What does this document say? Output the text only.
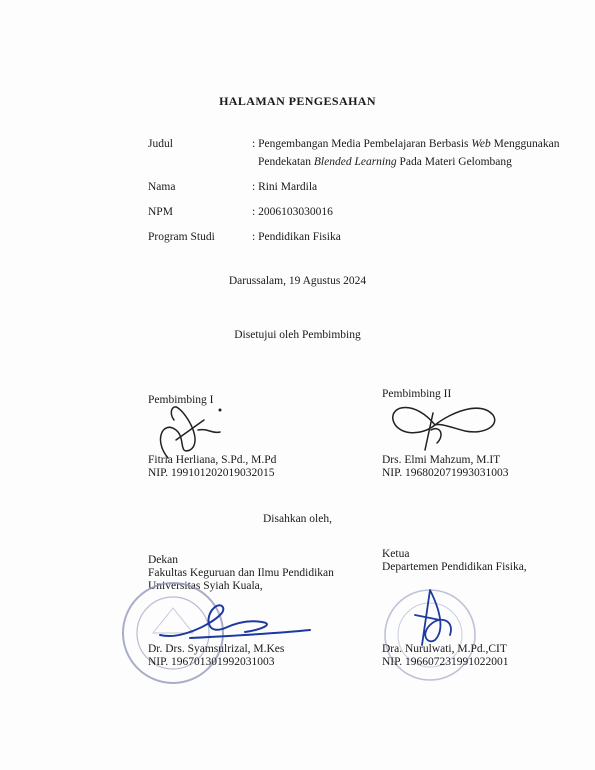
HALAMAN PENGESAHAN
Judul	: Pengembangan Media Pembelajaran Berbasis Web Menggunakan
Pendekatan Blended Learning Pada Materi Gelombang
Nama	: Rini Mardila
NPM	: 2006103030016
Program Studi	: Pendidikan Fisika
Darussalam, 19 Agustus 2024
Disetujui oleh Pembimbing
Pembimbing I
Fitria Herliana, S.Pd., M.Pd
NIP. 199101202019032015
Pembimbing II
Drs. Elmi Mahzum, M.IT
NIP. 196802071993031003
Disahkan oleh,
Dekan
Fakultas Keguruan dan Ilmu Pendidikan
Universitas Syiah Kuala,
Dr. Drs. Syamsulrizal, M.Kes
NIP. 196701301992031003
Ketua
Departemen Pendidikan Fisika,
Dra. Nurulwati, M.Pd.,CIT
NIP. 196607231991022001
